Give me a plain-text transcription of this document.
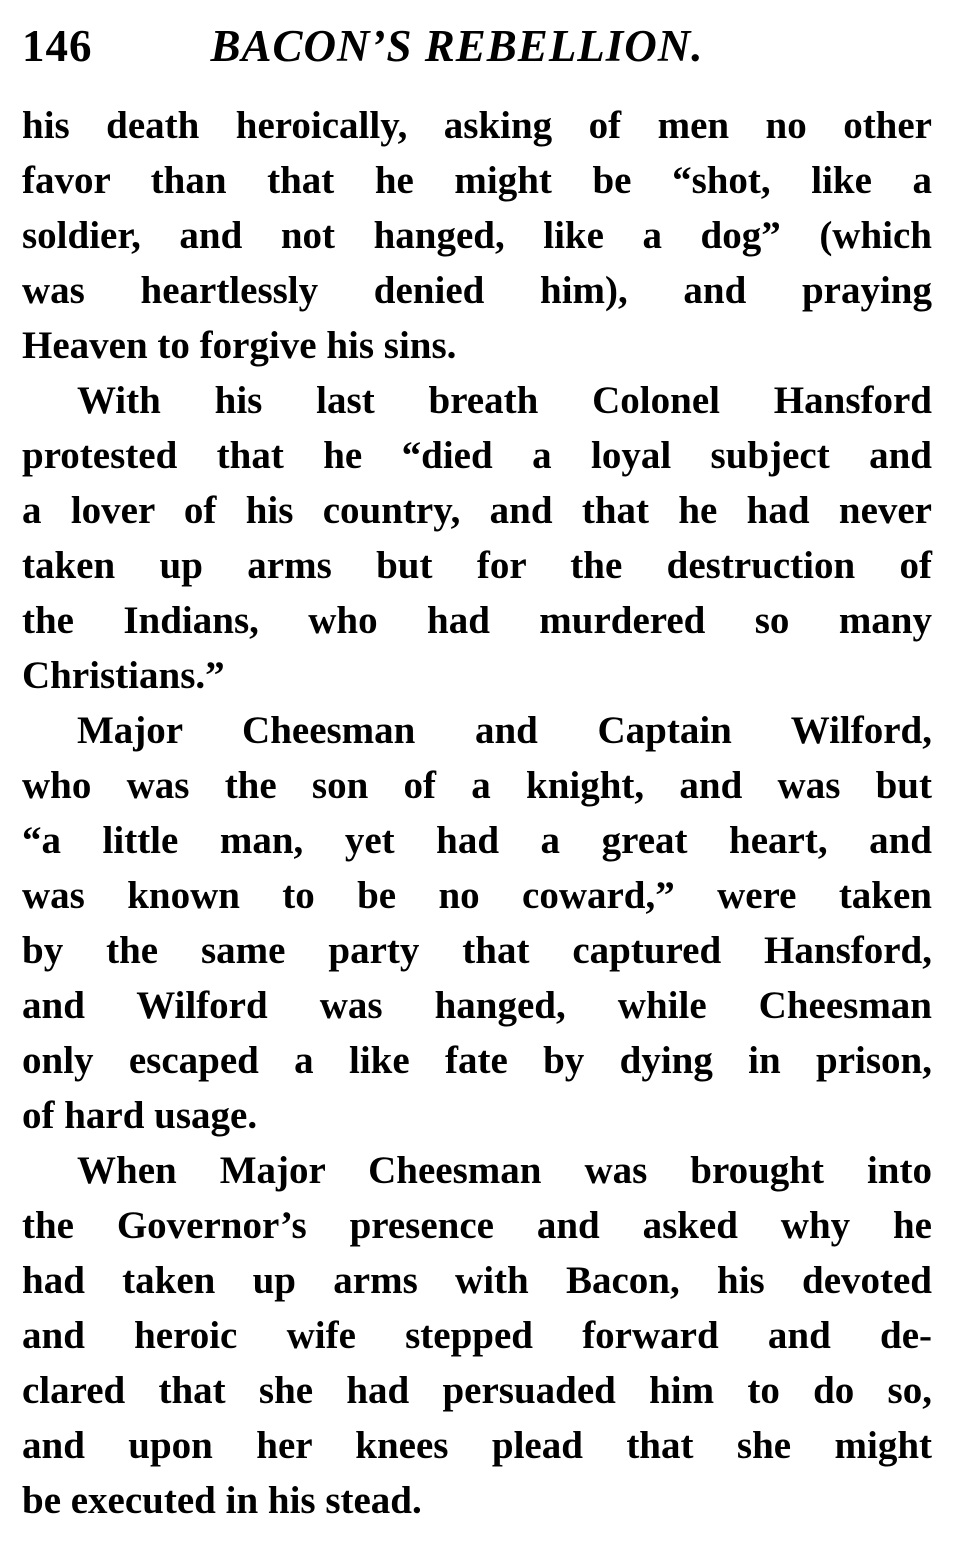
146	BACON’S REBELLION.

his death heroically, asking of men no other
favor than that he might be “shot, like a
soldier, and not hanged, like a dog” (which
was heartlessly denied him), and praying
Heaven to forgive his sins.

With his last breath Colonel Hansford
protested that he “died a loyal subject and
a lover of his country, and that he had never
taken up arms but for the destruction of
the Indians, who had murdered so many
Christians.”

Major Cheesman and Captain Wilford,
who was the son of a knight, and was but
“a little man, yet had a great heart, and
was known to be no coward,” were taken
by the same party that captured Hansford,
and Wilford was hanged, while Cheesman
only escaped a like fate by dying in prison,
of hard usage.

When Major Cheesman was brought into
the Governor’s presence and asked why he
had taken up arms with Bacon, his devoted
and heroic wife stepped forward and de-
clared that she had persuaded him to do so,
and upon her knees plead that she might
be executed in his stead.
